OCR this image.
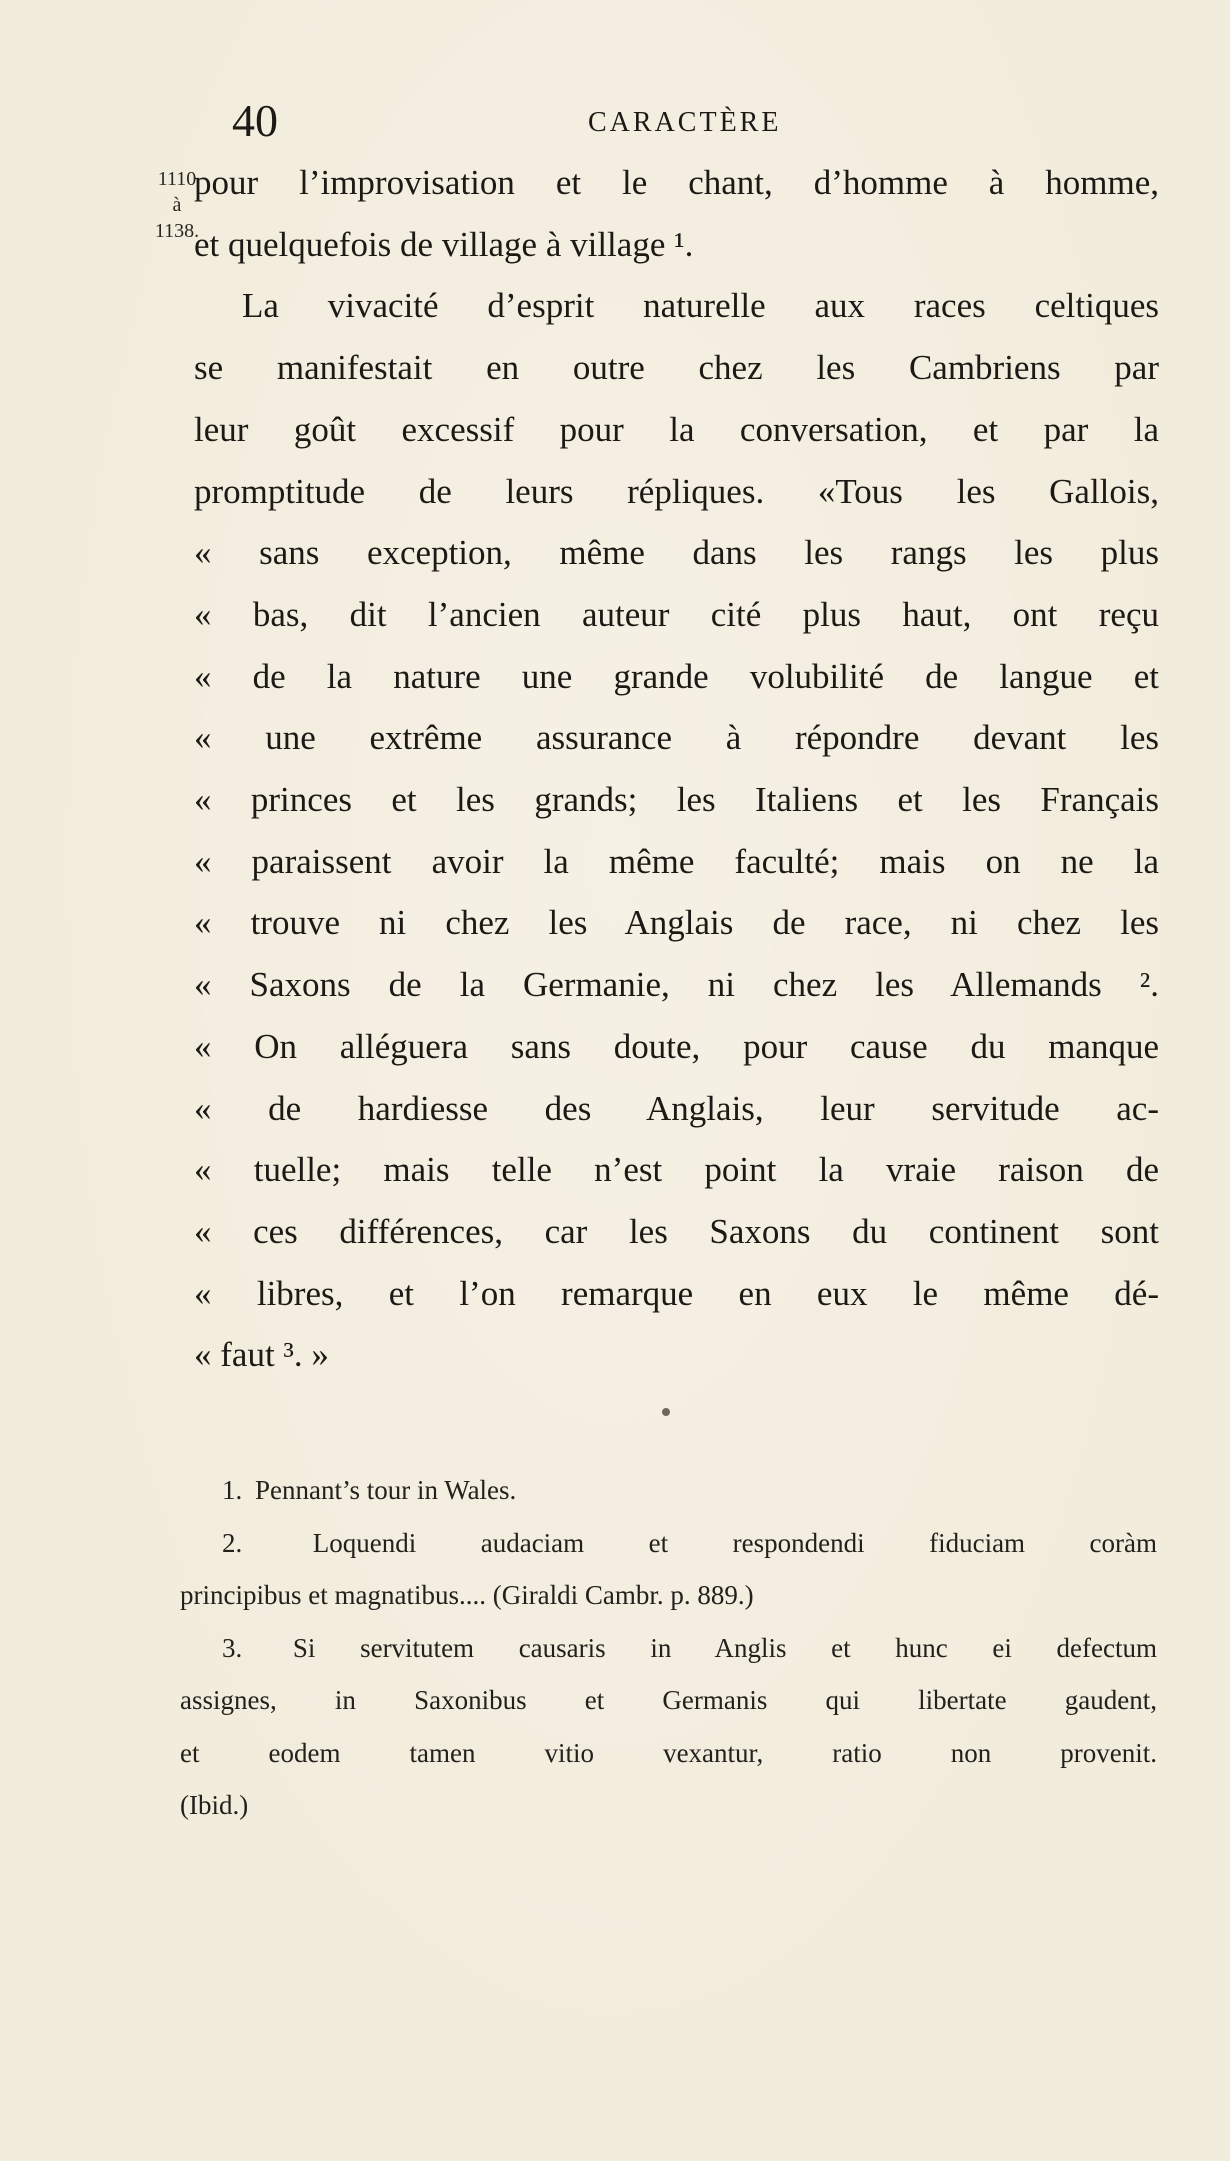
40	CARACTÈRE
1110
à
1138.
pour l’improvisation et le chant, d’homme à homme,
et quelquefois de village à village ¹.
La vivacité d’esprit naturelle aux races celtiques
se manifestait en outre chez les Cambriens par
leur goût excessif pour la conversation, et par la
promptitude de leurs répliques. «Tous les Gallois,
« sans exception, même dans les rangs les plus
« bas, dit l’ancien auteur cité plus haut, ont reçu
« de la nature une grande volubilité de langue et
« une extrême assurance à répondre devant les
« princes et les grands; les Italiens et les Français
« paraissent avoir la même faculté; mais on ne la
« trouve ni chez les Anglais de race, ni chez les
« Saxons de la Germanie, ni chez les Allemands ².
« On alléguera sans doute, pour cause du manque
« de hardiesse des Anglais, leur servitude ac-
« tuelle; mais telle n’est point la vraie raison de
« ces différences, car les Saxons du continent sont
« libres, et l’on remarque en eux le même dé-
« faut ³. »
1. Pennant’s tour in Wales.
2.	Loquendi audaciam et respondendi fiduciam coràm
principibus et magnatibus.... (Giraldi Cambr. p. 889.)
3. Si servitutem causaris in Anglis et hunc ei defectum
assignes, in Saxonibus et Germanis qui libertate gaudent,
et eodem tamen vitio vexantur, ratio non provenit.
(Ibid.)
